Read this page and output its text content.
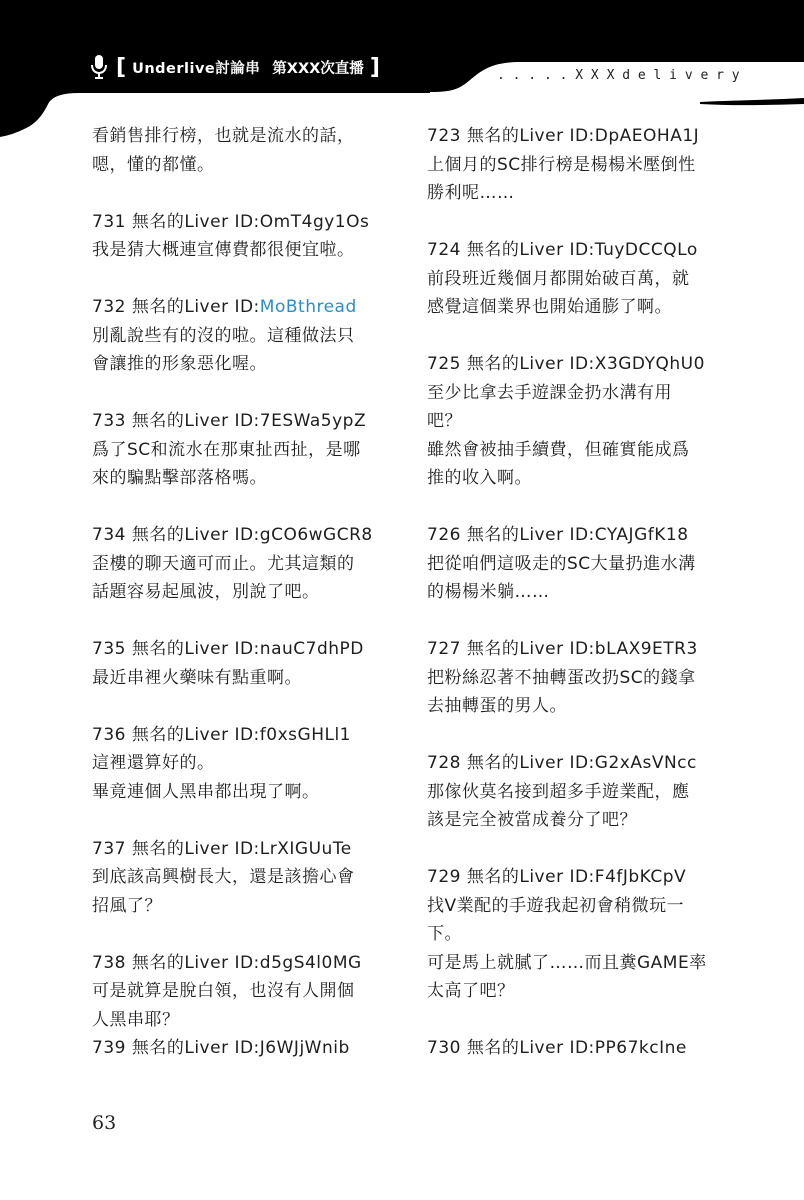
[ Underlive討論串 第XXX次直播 ]	. . . . . X X X d e l i v e r y
看銷售排行榜，也就是流水的話，
嗯，懂的都懂。
731 無名的Liver ID:OmT4gy1Os
我是猜大概連宣傳費都很便宜啦。
732 無名的Liver ID:MoBthread
別亂說些有的沒的啦。這種做法只
會讓推的形象惡化喔。
733 無名的Liver ID:7ESWa5ypZ
爲了SC和流水在那東扯西扯，是哪
來的騙點擊部落格嗎。
734 無名的Liver ID:gCO6wGCR8
歪樓的聊天適可而止。尤其這類的
話題容易起風波，別說了吧。
735 無名的Liver ID:nauC7dhPD
最近串裡火藥味有點重啊。
736 無名的Liver ID:f0xsGHLl1
這裡還算好的。
畢竟連個人黑串都出現了啊。
737 無名的Liver ID:LrXIGUuTe
到底該高興樹長大，還是該擔心會
招風了？
738 無名的Liver ID:d5gS4l0MG
可是就算是脫白領，也沒有人開個
人黑串耶？
739 無名的Liver ID:J6WJjWnib
723 無名的Liver ID:DpAEOHA1J
上個月的SC排行榜是楊楊米壓倒性
勝利呢……
724 無名的Liver ID:TuyDCCQLo
前段班近幾個月都開始破百萬，就
感覺這個業界也開始通膨了啊。
725 無名的Liver ID:X3GDYQhU0
至少比拿去手遊課金扔水溝有用
吧？
雖然會被抽手續費，但確實能成爲
推的收入啊。
726 無名的Liver ID:CYAJGfK18
把從咱們這吸走的SC大量扔進水溝
的楊楊米躺……
727 無名的Liver ID:bLAX9ETR3
把粉絲忍著不抽轉蛋改扔SC的錢拿
去抽轉蛋的男人。
728 無名的Liver ID:G2xAsVNcc
那傢伙莫名接到超多手遊業配，應
該是完全被當成養分了吧？
729 無名的Liver ID:F4fJbKCpV
找V業配的手遊我起初會稍微玩一
下。
可是馬上就膩了……而且糞GAME率
太高了吧？
730 無名的Liver ID:PP67kcIne
63
